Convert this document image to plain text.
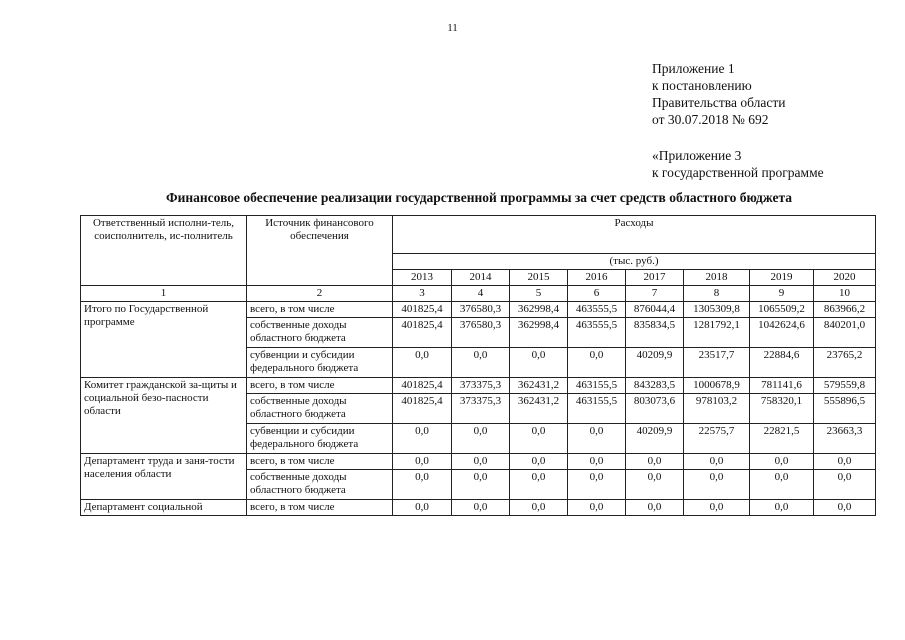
11
Приложение 1
к постановлению
Правительства области
от 30.07.2018 № 692
«Приложение 3
к государственной программе
Финансовое обеспечение реализации государственной программы за счет средств областного бюджета
Ответственный исполни-тель, соисполнитель, ис-полнитель	Источник финансового обеспечения	Расходы							
		(тыс. руб.)							
		2013	2014	2015	2016	2017	2018	2019	2020
1	2	3	4	5	6	7	8	9	10
Итого по Государственной программе	всего, в том числе	401825,4	376580,3	362998,4	463555,5	876044,4	1305309,8	1065509,2	863966,2
	собственные доходы областного бюджета	401825,4	376580,3	362998,4	463555,5	835834,5	1281792,1	1042624,6	840201,0
	субвенции и субсидии федерального бюджета	0,0	0,0	0,0	0,0	40209,9	23517,7	22884,6	23765,2
Комитет гражданской за-щиты и социальной безо-пасности области	всего, в том числе	401825,4	373375,3	362431,2	463155,5	843283,5	1000678,9	781141,6	579559,8
	собственные доходы областного бюджета	401825,4	373375,3	362431,2	463155,5	803073,6	978103,2	758320,1	555896,5
	субвенции и субсидии федерального бюджета	0,0	0,0	0,0	0,0	40209,9	22575,7	22821,5	23663,3
Департамент труда и заня-тости населения области	всего, в том числе	0,0	0,0	0,0	0,0	0,0	0,0	0,0	0,0
	собственные доходы областного бюджета	0,0	0,0	0,0	0,0	0,0	0,0	0,0	0,0
Департамент социальной	всего, в том числе	0,0	0,0	0,0	0,0	0,0	0,0	0,0	0,0
